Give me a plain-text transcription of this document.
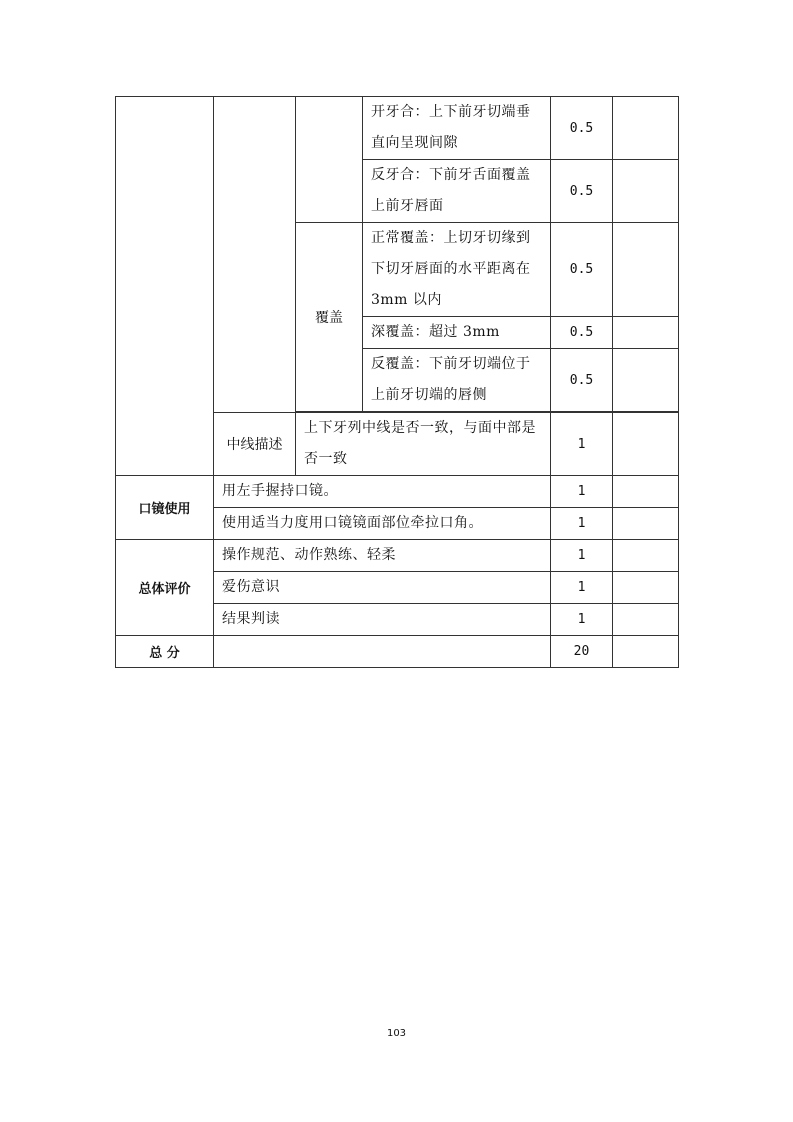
			开牙合：上下前牙切端垂直向呈现间隙	0.5	
			反牙合：下前牙舌面覆盖上前牙唇面	0.5	
		覆盖	正常覆盖：上切牙切缘到下切牙唇面的水平距离在 3mm 以内	0.5	
			深覆盖：超过 3mm	0.5	
			反覆盖：下前牙切端位于上前牙切端的唇侧	0.5	

	中线描述	上下牙列中线是否一致，与面中部是否一致		1	
口镜使用	用左手握持口镜。			1	
	使用适当力度用口镜镜面部位牵拉口角。			1	
总体评价	操作规范、动作熟练、轻柔			1	
	爱伤意识			1	
	结果判读			1	
总 分				20	
103
